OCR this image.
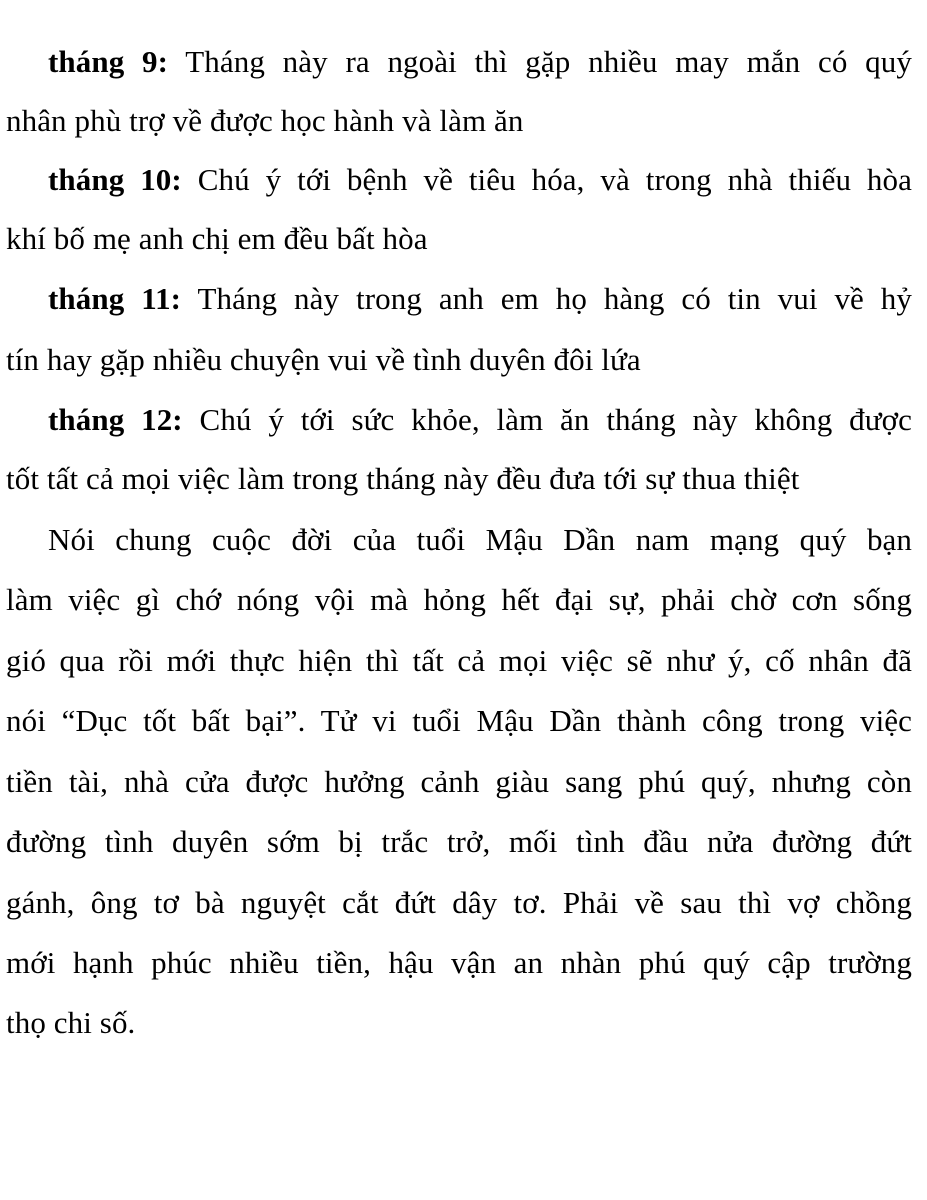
tháng 9: Tháng này ra ngoài thì gặp nhiều may mắn có quý
nhân phù trợ về được học hành và làm ăn
tháng 10: Chú ý tới bệnh về tiêu hóa, và trong nhà thiếu hòa
khí bố mẹ anh chị em đều bất hòa
tháng 11: Tháng này trong anh em họ hàng có tin vui về hỷ
tín hay gặp nhiều chuyện vui về tình duyên đôi lứa
tháng 12: Chú ý tới sức khỏe, làm ăn tháng này không được
tốt tất cả mọi việc làm trong tháng này đều đưa tới sự thua thiệt
Nói chung cuộc đời của tuổi Mậu Dần nam mạng quý bạn
làm việc gì chớ nóng vội mà hỏng hết đại sự, phải chờ cơn sống
gió qua rồi mới thực hiện thì tất cả mọi việc sẽ như ý, cố nhân đã
nói “Dục tốt bất bại”. Tử vi tuổi Mậu Dần thành công trong việc
tiền tài, nhà cửa được hưởng cảnh giàu sang phú quý, nhưng còn
đường tình duyên sớm bị trắc trở, mối tình đầu nửa đường đứt
gánh, ông tơ bà nguyệt cắt đứt dây tơ. Phải về sau thì vợ chồng
mới hạnh phúc nhiều tiền, hậu vận an nhàn phú quý cập trường
thọ chi số.
